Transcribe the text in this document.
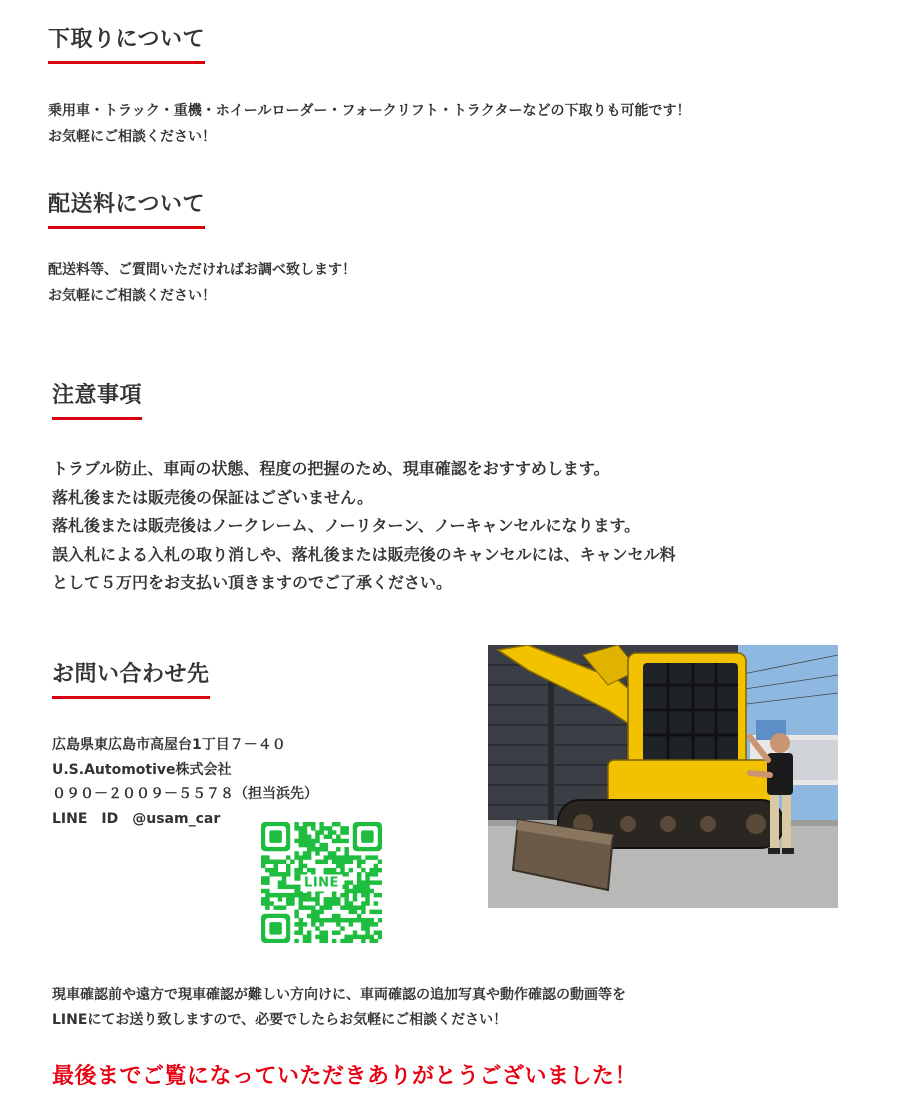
下取りについて
乗用車・トラック・重機・ホイールローダー・フォークリフト・トラクターなどの下取りも可能です！
お気軽にご相談ください！
配送料について
配送料等、ご質問いただければお調べ致します！
お気軽にご相談ください！
注意事項
トラブル防止、車両の状態、程度の把握のため、現車確認をおすすめします。
落札後または販売後の保証はございません。
落札後または販売後はノークレーム、ノーリターン、ノーキャンセルになります。
誤入札による入札の取り消しや、落札後または販売後のキャンセルには、キャンセル料
として５万円をお支払い頂きますのでご了承ください。
お問い合わせ先
広島県東広島市高屋台1丁目７－４０
U.S.Automotive株式会社
０９０－２００９－５５７８（担当浜先）
LINE　ID　@usam_car
LINE
現車確認前や遠方で現車確認が難しい方向けに、車両確認の追加写真や動作確認の動画等を
LINEにてお送り致しますので、必要でしたらお気軽にご相談ください！
最後までご覧になっていただきありがとうございました！
